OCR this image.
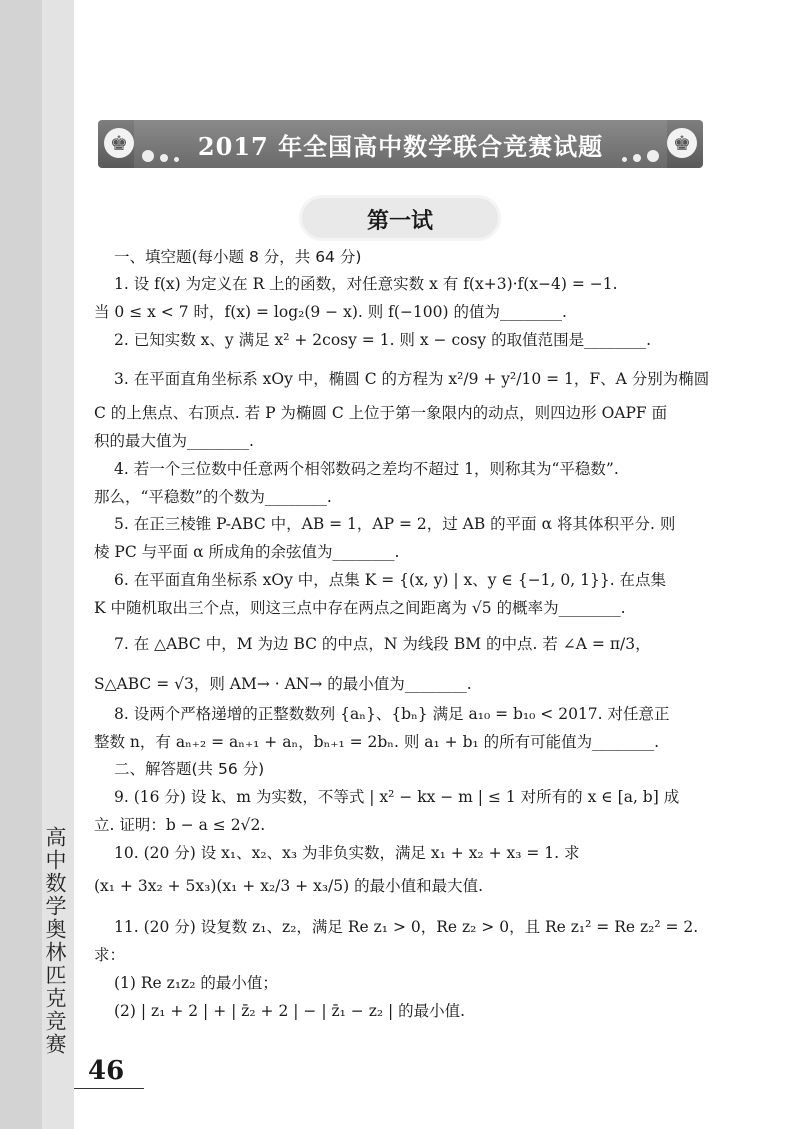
高中数学奥林匹克竞赛
46
♚	♚
2017 年全国高中数学联合竞赛试题
第一试
一、填空题(每小题 8 分，共 64 分)
1. 设 f(x) 为定义在 R 上的函数，对任意实数 x 有 f(x+3)·f(x−4) = −1.
当 0 ≤ x < 7 时，f(x) = log₂(9 − x). 则 f(−100) 的值为________.
2. 已知实数 x、y 满足 x² + 2cosy = 1. 则 x − cosy 的取值范围是________.
3. 在平面直角坐标系 xOy 中，椭圆 C 的方程为 x²/9 + y²/10 = 1，F、A 分别为椭圆
C 的上焦点、右顶点. 若 P 为椭圆 C 上位于第一象限内的动点，则四边形 OAPF 面
积的最大值为________.
4. 若一个三位数中任意两个相邻数码之差均不超过 1，则称其为“平稳数”.
那么，“平稳数”的个数为________.
5. 在正三棱锥 P-ABC 中，AB = 1，AP = 2，过 AB 的平面 α 将其体积平分. 则
棱 PC 与平面 α 所成角的余弦值为________.
6. 在平面直角坐标系 xOy 中，点集 K = {(x, y) | x、y ∈ {−1, 0, 1}}. 在点集
K 中随机取出三个点，则这三点中存在两点之间距离为 √5 的概率为________.
7. 在 △ABC 中，M 为边 BC 的中点，N 为线段 BM 的中点. 若 ∠A = π/3，
S△ABC = √3，则 AM→ · AN→ 的最小值为________.
8. 设两个严格递增的正整数数列 {aₙ}、{bₙ} 满足 a₁₀ = b₁₀ < 2017. 对任意正
整数 n，有 aₙ₊₂ = aₙ₊₁ + aₙ，bₙ₊₁ = 2bₙ. 则 a₁ + b₁ 的所有可能值为________.
二、解答题(共 56 分)
9. (16 分) 设 k、m 为实数，不等式 | x² − kx − m | ≤ 1 对所有的 x ∈ [a, b] 成
立. 证明：b − a ≤ 2√2.
10. (20 分) 设 x₁、x₂、x₃ 为非负实数，满足 x₁ + x₂ + x₃ = 1. 求
(x₁ + 3x₂ + 5x₃)(x₁ + x₂/3 + x₃/5) 的最小值和最大值.
11. (20 分) 设复数 z₁、z₂，满足 Re z₁ > 0，Re z₂ > 0，且 Re z₁² = Re z₂² = 2.
求：
(1) Re z₁z₂ 的最小值；
(2) | z₁ + 2 | + | z̄₂ + 2 | − | z̄₁ − z₂ | 的最小值.
